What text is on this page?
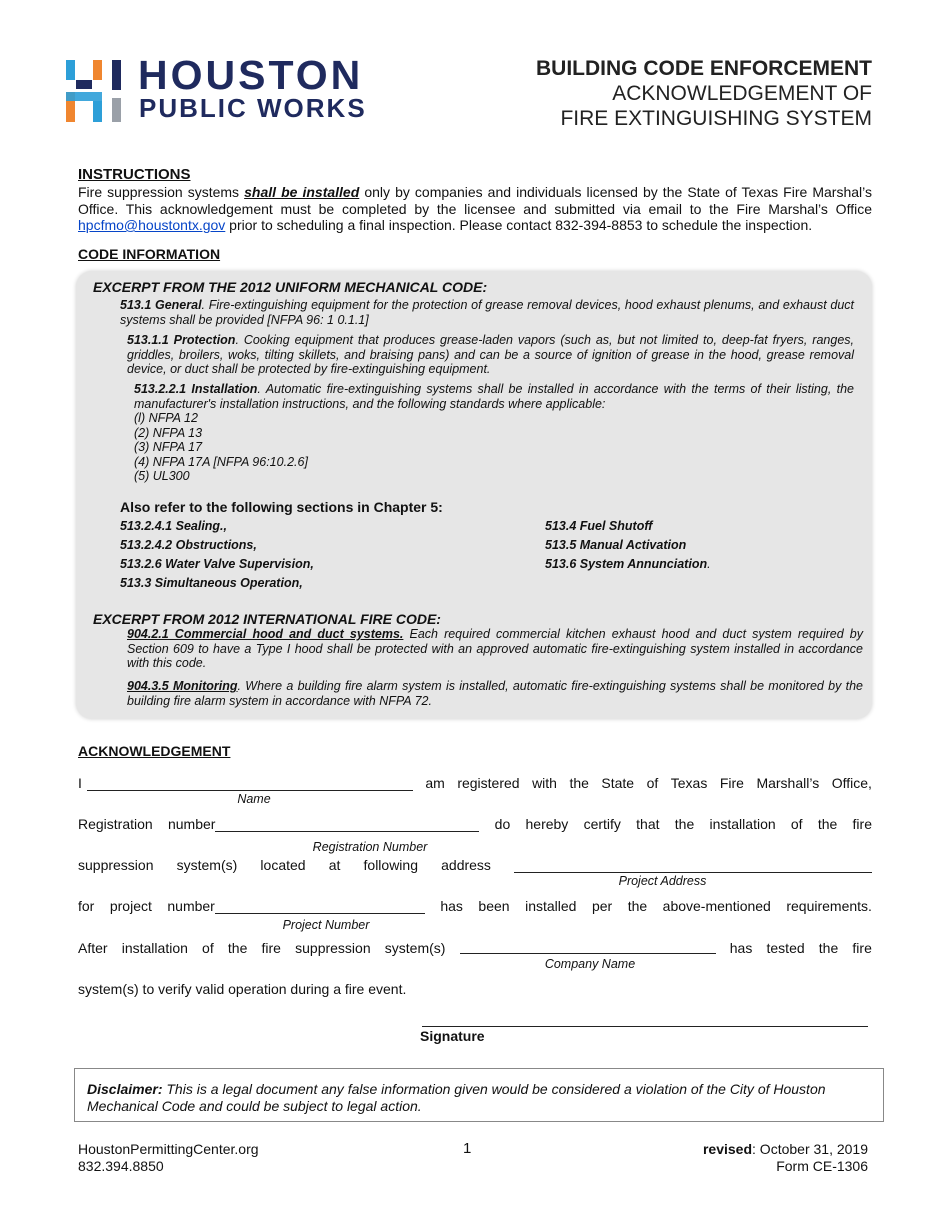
HOUSTON
PUBLIC WORKS
BUILDING CODE ENFORCEMENT
ACKNOWLEDGEMENT OF
FIRE EXTINGUISHING SYSTEM
INSTRUCTIONS

Fire suppression systems shall be installed only by companies and individuals licensed by the State of Texas Fire Marshal’s Office. This acknowledgement must be completed by the licensee and submitted via email to the Fire Marshal’s Office hpcfmo@houstontx.gov prior to scheduling a final inspection. Please contact 832-394-8853 to schedule the inspection.

CODE INFORMATION
EXCERPT FROM THE 2012 UNIFORM MECHANICAL CODE:

513.1 General. Fire-extinguishing equipment for the protection of grease removal devices, hood exhaust plenums, and exhaust duct systems shall be provided [NFPA 96: 1 0.1.1]

513.1.1 Protection. Cooking equipment that produces grease-laden vapors (such as, but not limited to, deep-fat fryers, ranges, griddles, broilers, woks, tilting skillets, and braising pans) and can be a source of ignition of grease in the hood, grease removal device, or duct shall be protected by fire-extinguishing equipment.

513.2.2.1 Installation. Automatic fire-extinguishing systems shall be installed in accordance with the terms of their listing, the manufacturer's installation instructions, and the following standards where applicable:

(l) NFPA 12
(2) NFPA 13
(3) NFPA 17
(4) NFPA 17A [NFPA 96:10.2.6]
(5) UL300
Also refer to the following sections in Chapter 5:
513.2.4.1 Sealing.,
513.2.4.2 Obstructions,
513.2.6 Water Valve Supervision,
513.3 Simultaneous Operation,
513.4 Fuel Shutoff
513.5 Manual Activation
513.6 System Annunciation.
EXCERPT FROM 2012 INTERNATIONAL FIRE CODE:

904.2.1 Commercial hood and duct systems. Each required commercial kitchen exhaust hood and duct system required by Section 609 to have a Type I hood shall be protected with an approved automatic fire-extinguishing system installed in accordance with this code.

904.3.5 Monitoring. Where a building fire alarm system is installed, automatic fire-extinguishing systems shall be monitored by the building fire alarm system in accordance with NFPA 72.

ACKNOWLEDGEMENT
I	am registered with the State of Texas Fire Marshall’s Office,
Name
Registration number	do hereby certify that the installation of the fire
Registration Number
suppression system(s) located at following address
Project Address
for project number	has been installed per the above-mentioned requirements.
Project Number
After installation of the fire suppression system(s)	has tested the fire
Company Name
system(s) to verify valid operation during a fire event.
Signature

Disclaimer: This is a legal document any false information given would be considered a violation of the City of Houston Mechanical Code and could be subject to legal action.

HoustonPermittingCenter.org
832.394.8850
1	revised: October 31, 2019
Form CE-1306
